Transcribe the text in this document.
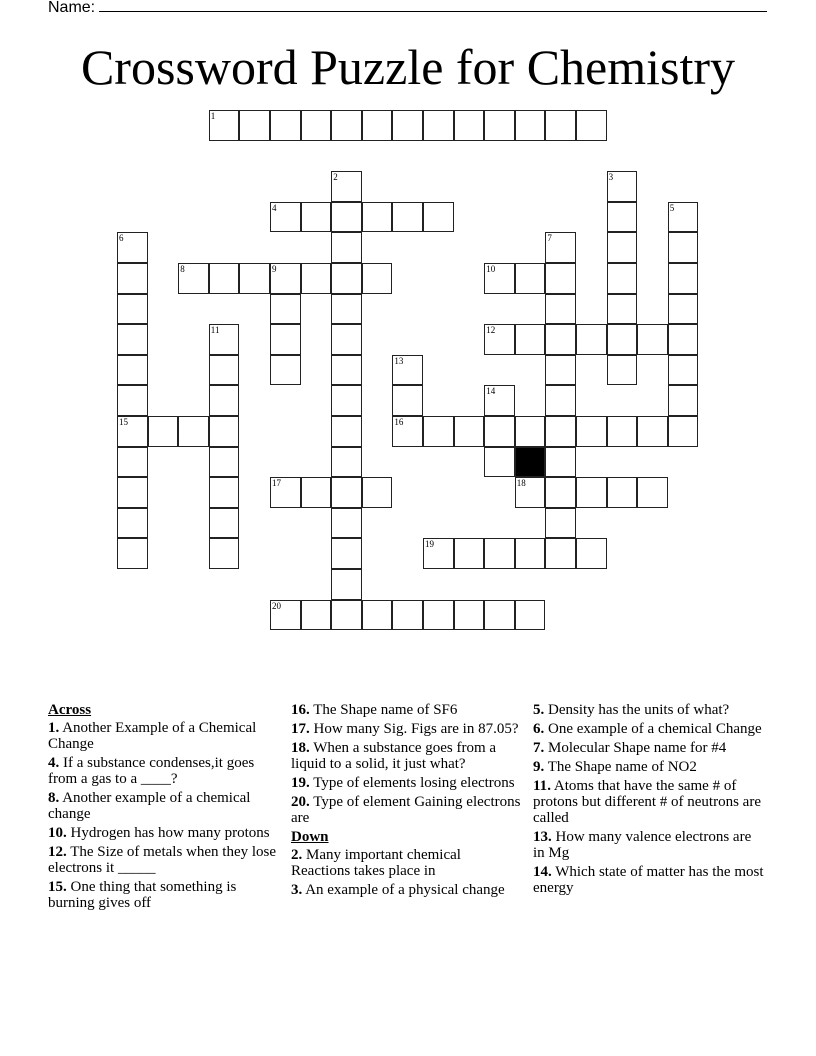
Name:
Crossword Puzzle for Chemistry
1
4
8	9	10
12
15	16
17	18
19
20
2	3
5
6	7
11
13
14
Across
1. Another Example of a Chemical Change
4. If a substance condenses,it goes from a gas to a ____?
8. Another example of a chemical change
10. Hydrogen has how many protons
12. The Size of metals when they lose electrons it _____
15. One thing that something is burning gives off
16. The Shape name of SF6
17. How many Sig. Figs are in 87.05?
18. When a substance goes from a liquid to a solid, it just what?
19. Type of elements losing electrons
20. Type of element Gaining electrons are
Down
2. Many important chemical Reactions takes place in
3. An example of a physical change
5. Density has the units of what?
6. One example of a chemical Change
7. Molecular Shape name for #4
9. The Shape name of NO2
11. Atoms that have the same # of protons but different # of neutrons are called
13. How many valence electrons are in Mg
14. Which state of matter has the most energy
